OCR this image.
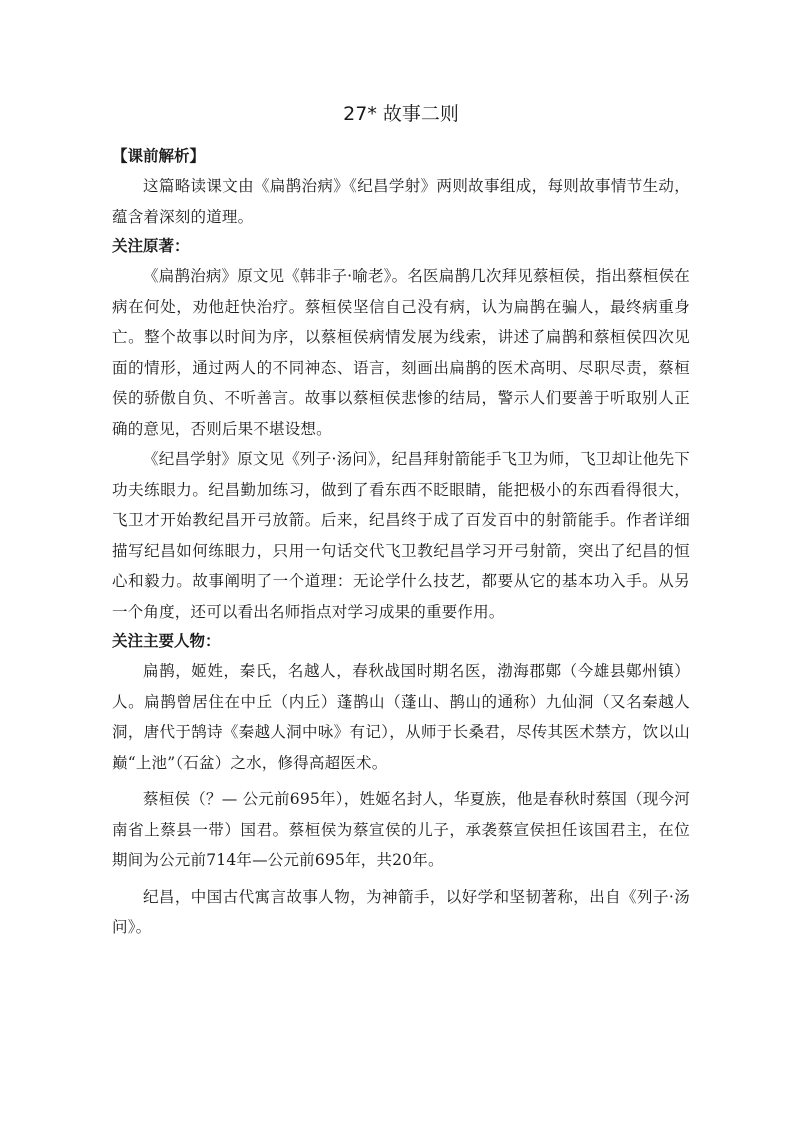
27* 故事二则

【课前解析】

这篇略读课文由《扁鹊治病》《纪昌学射》两则故事组成，每则故事情节生动，蕴含着深刻的道理。

关注原著：

《扁鹊治病》原文见《韩非子·喻老》。名医扁鹊几次拜见蔡桓侯，指出蔡桓侯在病在何处，劝他赶快治疗。蔡桓侯坚信自己没有病，认为扁鹊在骗人，最终病重身亡。整个故事以时间为序，以蔡桓侯病情发展为线索，讲述了扁鹊和蔡桓侯四次见面的情形，通过两人的不同神态、语言，刻画出扁鹊的医术高明、尽职尽责，蔡桓侯的骄傲自负、不听善言。故事以蔡桓侯悲惨的结局，警示人们要善于听取别人正确的意见，否则后果不堪设想。

《纪昌学射》原文见《列子·汤问》，纪昌拜射箭能手飞卫为师，飞卫却让他先下功夫练眼力。纪昌勤加练习，做到了看东西不眨眼睛，能把极小的东西看得很大，飞卫才开始教纪昌开弓放箭。后来，纪昌终于成了百发百中的射箭能手。作者详细描写纪昌如何练眼力，只用一句话交代飞卫教纪昌学习开弓射箭，突出了纪昌的恒心和毅力。故事阐明了一个道理：无论学什么技艺，都要从它的基本功入手。从另一个角度，还可以看出名师指点对学习成果的重要作用。

关注主要人物：

扁鹊，姬姓，秦氏，名越人，春秋战国时期名医，渤海郡鄚（今雄县鄚州镇）人。扁鹊曾居住在中丘（内丘）蓬鹊山（蓬山、鹊山的通称）九仙洞（又名秦越人洞，唐代于鹄诗《秦越人洞中咏》有记），从师于长桑君，尽传其医术禁方，饮以山巅“上池”（石盆）之水，修得高超医术。

蔡桓侯（？— 公元前695年），姓姬名封人，华夏族，他是春秋时蔡国（现今河南省上蔡县一带）国君。蔡桓侯为蔡宣侯的儿子，承袭蔡宣侯担任该国君主，在位期间为公元前714年—公元前695年，共20年。

纪昌，中国古代寓言故事人物，为神箭手，以好学和坚韧著称，出自《列子·汤问》。
